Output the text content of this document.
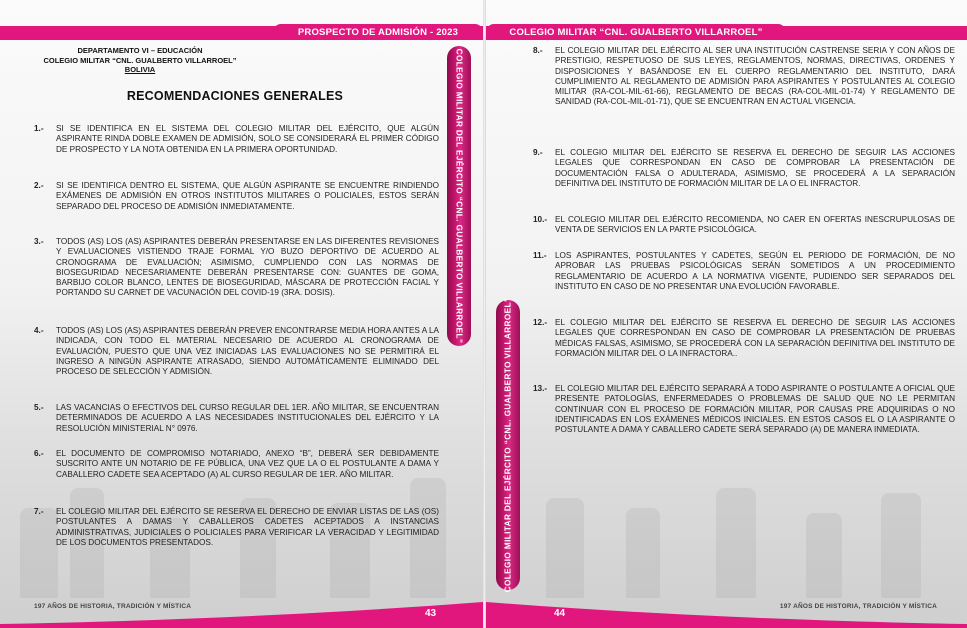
PROSPECTO DE ADMISIÓN - 2023
DEPARTAMENTO VI – EDUCACIÓN
COLEGIO MILITAR “CNL. GUALBERTO VILLARROEL”
BOLIVIA
RECOMENDACIONES GENERALES
1.-	SI SE IDENTIFICA EN EL SISTEMA DEL COLEGIO MILITAR DEL EJÉRCITO, QUE ALGÚN ASPIRANTE RINDA DOBLE EXAMEN DE ADMISIÓN, SOLO SE CONSIDERARÁ EL PRIMER CÓDIGO DE PROSPECTO Y LA NOTA OBTENIDA EN LA PRIMERA OPORTUNIDAD.
2.-	SI SE IDENTIFICA DENTRO EL SISTEMA, QUE ALGÚN ASPIRANTE SE ENCUENTRE RINDIENDO EXÁMENES DE ADMISIÓN EN OTROS INSTITUTOS MILITARES O POLICIALES, ESTOS SERÁN SEPARADO DEL PROCESO DE ADMISIÓN INMEDIATAMENTE.
3.-	TODOS (AS) LOS (AS) ASPIRANTES DEBERÁN PRESENTARSE EN LAS DIFERENTES REVISIONES Y EVALUACIONES VISTIENDO TRAJE FORMAL Y/O BUZO DEPORTIVO DE ACUERDO AL CRONOGRAMA DE EVALUACIÓN; ASIMISMO, CUMPLIENDO CON LAS NORMAS DE BIOSEGURIDAD NECESARIAMENTE DEBERÁN PRESENTARSE CON: GUANTES DE GOMA, BARBIJO COLOR BLANCO, LENTES DE BIOSEGURIDAD, MÁSCARA DE PROTECCIÓN FACIAL Y PORTANDO SU CARNET DE VACUNACIÓN DEL COVID-19 (3RA. DOSIS).
4.-	TODOS (AS) LOS (AS) ASPIRANTES DEBERÁN PREVER ENCONTRARSE MEDIA HORA ANTES A LA INDICADA, CON TODO EL MATERIAL NECESARIO DE ACUERDO AL CRONOGRAMA DE EVALUACIÓN, PUESTO QUE UNA VEZ INICIADAS LAS EVALUACIONES NO SE PERMITIRÁ EL INGRESO A NINGÚN ASPIRANTE ATRASADO, SIENDO AUTOMÁTICAMENTE ELIMINADO DEL PROCESO DE SELECCIÓN Y ADMISIÓN.
5.-	LAS VACANCIAS O EFECTIVOS DEL CURSO REGULAR DEL 1ER. AÑO MILITAR, SE ENCUENTRAN DETERMINADOS DE ACUERDO A LAS NECESIDADES INSTITUCIONALES DEL EJÉRCITO Y LA RESOLUCIÓN MINISTERIAL N° 0976.
6.-	EL DOCUMENTO DE COMPROMISO NOTARIADO, ANEXO “B”, DEBERÁ SER DEBIDAMENTE SUSCRITO ANTE UN NOTARIO DE FE PÚBLICA, UNA VEZ QUE LA O EL POSTULANTE A DAMA Y CABALLERO CADETE SEA ACEPTADO (A) AL CURSO REGULAR DE 1ER. AÑO MILITAR.
7.-	EL COLEGIO MILITAR DEL EJÉRCITO SE RESERVA EL DERECHO DE ENVIAR LISTAS DE LAS (OS) POSTULANTES A DAMAS Y CABALLEROS CADETES ACEPTADOS A INSTANCIAS ADMINISTRATIVAS, JUDICIALES O POLICIALES PARA VERIFICAR LA VERACIDAD Y LEGITIMIDAD DE LOS DOCUMENTOS PRESENTADOS.
COLEGIO MILITAR DEL EJÉRCITO “CNL. GUALBERTO VILLARROEL”
197 AÑOS DE HISTORIA, TRADICIÓN Y MÍSTICA
43
COLEGIO MILITAR “CNL. GUALBERTO VILLARROEL”
8.-	EL COLEGIO MILITAR DEL EJÉRCITO AL SER UNA INSTITUCIÓN CASTRENSE SERIA Y CON AÑOS DE PRESTIGIO, RESPETUOSO DE SUS LEYES, REGLAMENTOS, NORMAS, DIRECTIVAS, ORDENES Y DISPOSICIONES Y BASÁNDOSE EN EL CUERPO REGLAMENTARIO DEL INSTITUTO, DARÁ CUMPLIMIENTO AL REGLAMENTO DE ADMISIÓN PARA ASPIRANTES Y POSTULANTES AL COLEGIO MILITAR (RA-COL-MIL-61-66), REGLAMENTO DE BECAS (RA-COL-MIL-01-74) Y REGLAMENTO DE SANIDAD (RA-COL-MIL-01-71), QUE SE ENCUENTRAN EN ACTUAL VIGENCIA.
9.-	EL COLEGIO MILITAR DEL EJÉRCITO SE RESERVA EL DERECHO DE SEGUIR LAS ACCIONES LEGALES QUE CORRESPONDAN EN CASO DE COMPROBAR LA PRESENTACIÓN DE DOCUMENTACIÓN FALSA O ADULTERADA, ASIMISMO, SE PROCEDERÁ A LA SEPARACIÓN DEFINITIVA DEL INSTITUTO DE FORMACIÓN MILITAR DE LA O EL INFRACTOR.
10.- EL COLEGIO MILITAR DEL EJÉRCITO RECOMIENDA, NO CAER EN OFERTAS INESCRUPULOSAS DE VENTA DE SERVICIOS EN LA PARTE PSICOLÓGICA.
11.-	LOS ASPIRANTES, POSTULANTES Y CADETES, SEGÚN EL PERIODO DE FORMACIÓN, DE NO APROBAR LAS PRUEBAS PSICOLÓGICAS SERÁN SOMETIDOS A UN PROCEDIMIENTO REGLAMENTARIO DE ACUERDO A LA NORMATIVA VIGENTE, PUDIENDO SER SEPARADOS DEL INSTITUTO EN CASO DE NO PRESENTAR UNA EVOLUCIÓN FAVORABLE.
12.- EL COLEGIO MILITAR DEL EJÉRCITO SE RESERVA EL DERECHO DE SEGUIR LAS ACCIONES LEGALES QUE CORRESPONDAN EN CASO DE COMPROBAR LA PRESENTACIÓN DE PRUEBAS MÉDICAS FALSAS, ASIMISMO, SE PROCEDERÁ CON LA SEPARACIÓN DEFINITIVA DEL INSTITUTO DE FORMACIÓN MILITAR DEL O LA INFRACTORA..
13.- EL COLEGIO MILITAR DEL EJÉRCITO SEPARARÁ A TODO ASPIRANTE O POSTULANTE A OFICIAL QUE PRESENTE PATOLOGÍAS, ENFERMEDADES O PROBLEMAS DE SALUD QUE NO LE PERMITAN CONTINUAR CON EL PROCESO DE FORMACIÓN MILITAR, POR CAUSAS PRE ADQUIRIDAS O NO IDENTIFICADAS EN LOS EXÁMENES MÉDICOS INICIALES. EN ESTOS CASOS EL O LA ASPIRANTE O POSTULANTE A DAMA Y CABALLERO CADETE SERÁ SEPARADO (A) DE MANERA INMEDIATA.
COLEGIO MILITAR DEL EJÉRCITO “CNL. GUALBERTO VILLARROEL”
197 AÑOS DE HISTORIA, TRADICIÓN Y MÍSTICA
44
